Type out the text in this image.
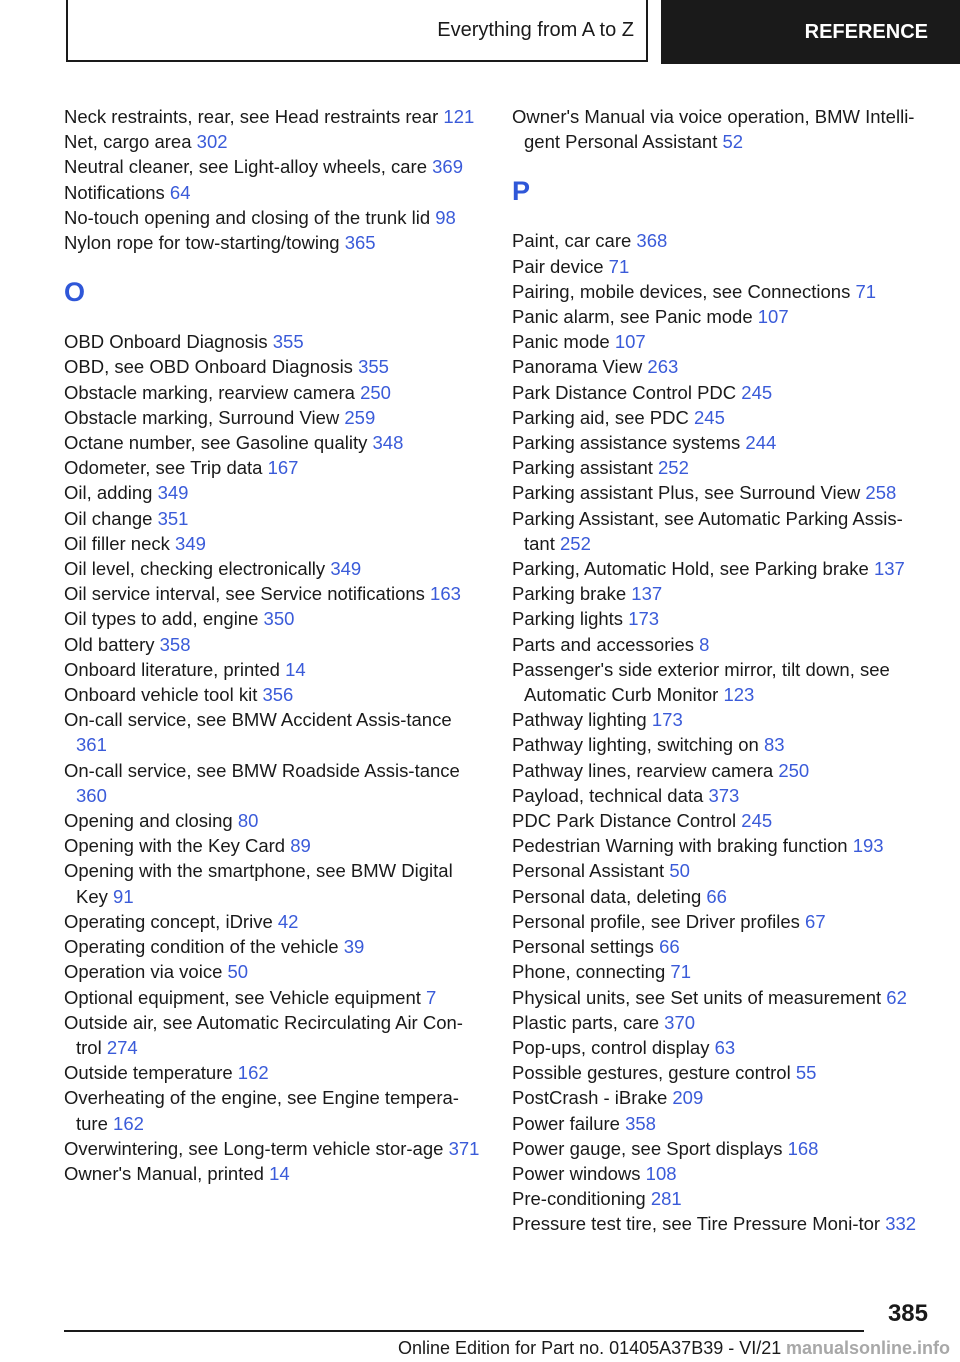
Everything from A to Z	REFERENCE

Neck restraints, rear, see Head restraints rear 121

Net, cargo area 302

Neutral cleaner, see Light-alloy wheels, care 369

Notifications 64

No-touch opening and closing of the trunk lid 98

Nylon rope for tow-starting/towing 365

O

OBD Onboard Diagnosis 355

OBD, see OBD Onboard Diagnosis 355

Obstacle marking, rearview camera 250

Obstacle marking, Surround View 259

Octane number, see Gasoline quality 348

Odometer, see Trip data 167

Oil, adding 349

Oil change 351

Oil filler neck 349

Oil level, checking electronically 349

Oil service interval, see Service notifications 163

Oil types to add, engine 350

Old battery 358

Onboard literature, printed 14

Onboard vehicle tool kit 356

On-call service, see BMW Accident Assis-tance 361

On-call service, see BMW Roadside Assis-tance 360

Opening and closing 80

Opening with the Key Card 89

Opening with the smartphone, see BMW Digital Key 91

Operating concept, iDrive 42

Operating condition of the vehicle 39

Operation via voice 50

Optional equipment, see Vehicle equipment 7

Outside air, see Automatic Recirculating Air Con-trol 274

Outside temperature 162

Overheating of the engine, see Engine tempera-ture 162

Overwintering, see Long-term vehicle stor-age 371

Owner's Manual, printed 14

Owner's Manual via voice operation, BMW Intelli-gent Personal Assistant 52

P

Paint, car care 368

Pair device 71

Pairing, mobile devices, see Connections 71

Panic alarm, see Panic mode 107

Panic mode 107

Panorama View 263

Park Distance Control PDC 245

Parking aid, see PDC 245

Parking assistance systems 244

Parking assistant 252

Parking assistant Plus, see Surround View 258

Parking Assistant, see Automatic Parking Assis-tant 252

Parking, Automatic Hold, see Parking brake 137

Parking brake 137

Parking lights 173

Parts and accessories 8

Passenger's side exterior mirror, tilt down, see Automatic Curb Monitor 123

Pathway lighting 173

Pathway lighting, switching on 83

Pathway lines, rearview camera 250

Payload, technical data 373

PDC Park Distance Control 245

Pedestrian Warning with braking function 193

Personal Assistant 50

Personal data, deleting 66

Personal profile, see Driver profiles 67

Personal settings 66

Phone, connecting 71

Physical units, see Set units of measurement 62

Plastic parts, care 370

Pop-ups, control display 63

Possible gestures, gesture control 55

PostCrash - iBrake 209

Power failure 358

Power gauge, see Sport displays 168

Power windows 108

Pre-conditioning 281

Pressure test tire, see Tire Pressure Moni-tor 332

385
Online Edition for Part no. 01405A37B39 - VI/21 manualsonline.info
